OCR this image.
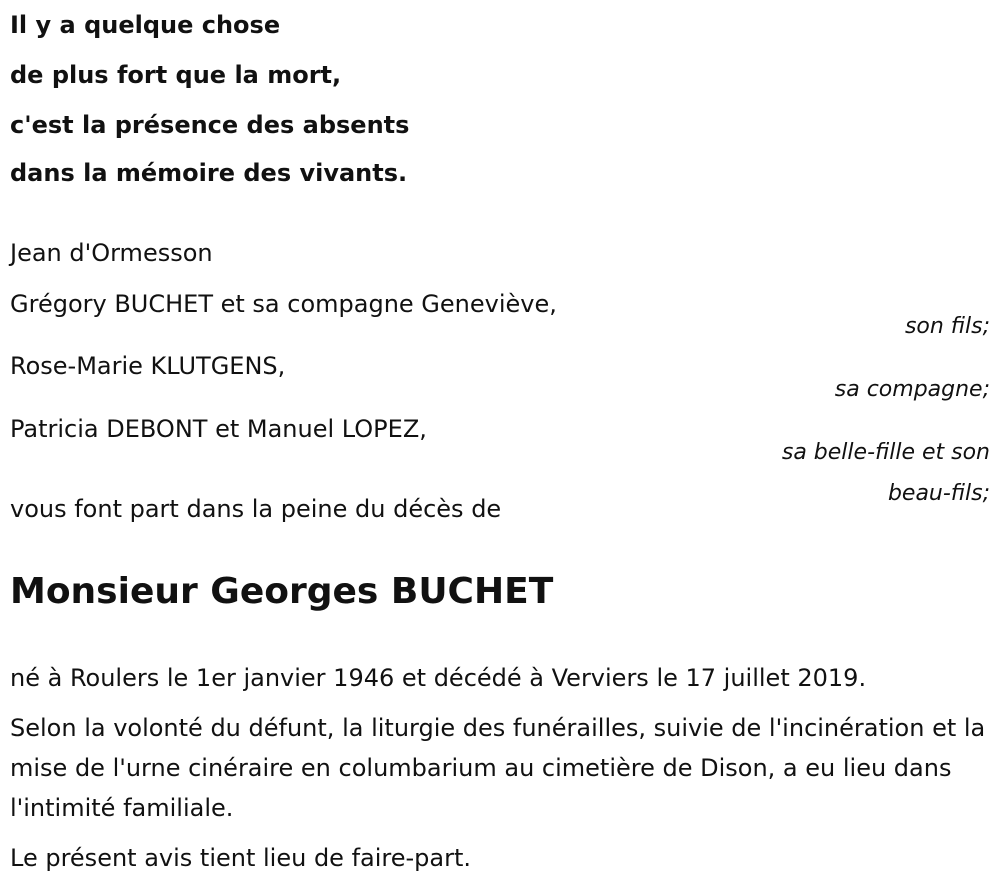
Il y a quelque chose
de plus fort que la mort,
c'est la présence des absents
dans la mémoire des vivants.
Jean d'Ormesson
Grégory BUCHET et sa compagne Geneviève,
son fils;
Rose-Marie KLUTGENS,
sa compagne;
Patricia DEBONT et Manuel LOPEZ,
sa belle-fille et son
beau-fils;
vous font part dans la peine du décès de
Monsieur Georges BUCHET
né à Roulers le 1er janvier 1946 et décédé à Verviers le 17 juillet 2019.
Selon la volonté du défunt, la liturgie des funérailles, suivie de l'incinération et la mise de l'urne cinéraire en columbarium au cimetière de Dison, a eu lieu dans l'intimité familiale.
Le présent avis tient lieu de faire-part.
